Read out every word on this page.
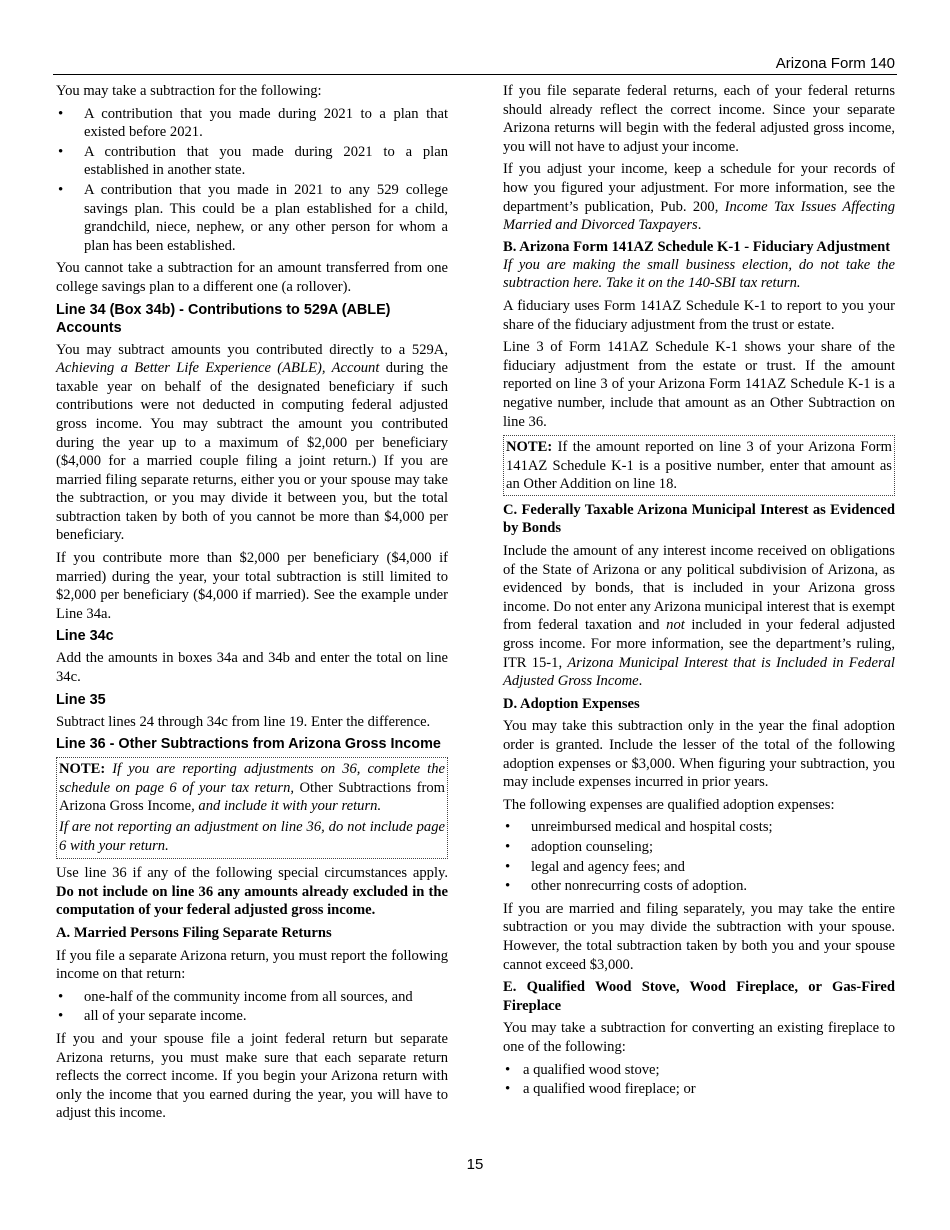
Arizona Form 140

You may take a subtraction for the following:

• A contribution that you made during 2021 to a plan that existed before 2021.
• A contribution that you made during 2021 to a plan established in another state.
• A contribution that you made in 2021 to any 529 college savings plan. This could be a plan established for a child, grandchild, niece, nephew, or any other person for whom a plan has been established.

You cannot take a subtraction for an amount transferred from one college savings plan to a different one (a rollover).

Line 34 (Box 34b) - Contributions to 529A (ABLE) Accounts

You may subtract amounts you contributed directly to a 529A, Achieving a Better Life Experience (ABLE), Account during the taxable year on behalf of the designated beneficiary if such contributions were not deducted in computing federal adjusted gross income. You may subtract the amount you contributed during the year up to a maximum of $2,000 per beneficiary ($4,000 for a married couple filing a joint return.) If you are married filing separate returns, either you or your spouse may take the subtraction, or you may divide it between you, but the total subtraction taken by both of you cannot be more than $4,000 per beneficiary.

If you contribute more than $2,000 per beneficiary ($4,000 if married) during the year, your total subtraction is still limited to $2,000 per beneficiary ($4,000 if married). See the example under Line 34a.

Line 34c

Add the amounts in boxes 34a and 34b and enter the total on line 34c.

Line 35

Subtract lines 24 through 34c from line 19. Enter the difference.

Line 36 - Other Subtractions from Arizona Gross Income

NOTE: If you are reporting adjustments on 36, complete the schedule on page 6 of your tax return, Other Subtractions from Arizona Gross Income, and include it with your return.

If are not reporting an adjustment on line 36, do not include page 6 with your return.

Use line 36 if any of the following special circumstances apply. Do not include on line 36 any amounts already excluded in the computation of your federal adjusted gross income.

A. Married Persons Filing Separate Returns

If you file a separate Arizona return, you must report the following income on that return:

• one-half of the community income from all sources, and
• all of your separate income.

If you and your spouse file a joint federal return but separate Arizona returns, you must make sure that each separate return reflects the correct income. If you begin your Arizona return with only the income that you earned during the year, you will have to adjust this income.

If you file separate federal returns, each of your federal returns should already reflect the correct income. Since your separate Arizona returns will begin with the federal adjusted gross income, you will not have to adjust your income.

If you adjust your income, keep a schedule for your records of how you figured your adjustment. For more information, see the department’s publication, Pub. 200, Income Tax Issues Affecting Married and Divorced Taxpayers.

B. Arizona Form 141AZ Schedule K-1 - Fiduciary Adjustment

If you are making the small business election, do not take the subtraction here. Take it on the 140-SBI tax return.

A fiduciary uses Form 141AZ Schedule K-1 to report to you your share of the fiduciary adjustment from the trust or estate.

Line 3 of Form 141AZ Schedule K-1 shows your share of the fiduciary adjustment from the estate or trust. If the amount reported on line 3 of your Arizona Form 141AZ Schedule K-1 is a negative number, include that amount as an Other Subtraction on line 36.

NOTE: If the amount reported on line 3 of your Arizona Form 141AZ Schedule K-1 is a positive number, enter that amount as an Other Addition on line 18.

C. Federally Taxable Arizona Municipal Interest as Evidenced by Bonds

Include the amount of any interest income received on obligations of the State of Arizona or any political subdivision of Arizona, as evidenced by bonds, that is included in your Arizona gross income. Do not enter any Arizona municipal interest that is exempt from federal taxation and not included in your federal adjusted gross income. For more information, see the department’s ruling, ITR 15-1, Arizona Municipal Interest that is Included in Federal Adjusted Gross Income.

D. Adoption Expenses

You may take this subtraction only in the year the final adoption order is granted. Include the lesser of the total of the following adoption expenses or $3,000. When figuring your subtraction, you may include expenses incurred in prior years.

The following expenses are qualified adoption expenses:

• unreimbursed medical and hospital costs;
• adoption counseling;
• legal and agency fees; and
• other nonrecurring costs of adoption.

If you are married and filing separately, you may take the entire subtraction or you may divide the subtraction with your spouse. However, the total subtraction taken by both you and your spouse cannot exceed $3,000.

E. Qualified Wood Stove, Wood Fireplace, or Gas-Fired Fireplace

You may take a subtraction for converting an existing fireplace to one of the following:

• a qualified wood stove;
• a qualified wood fireplace; or
15
